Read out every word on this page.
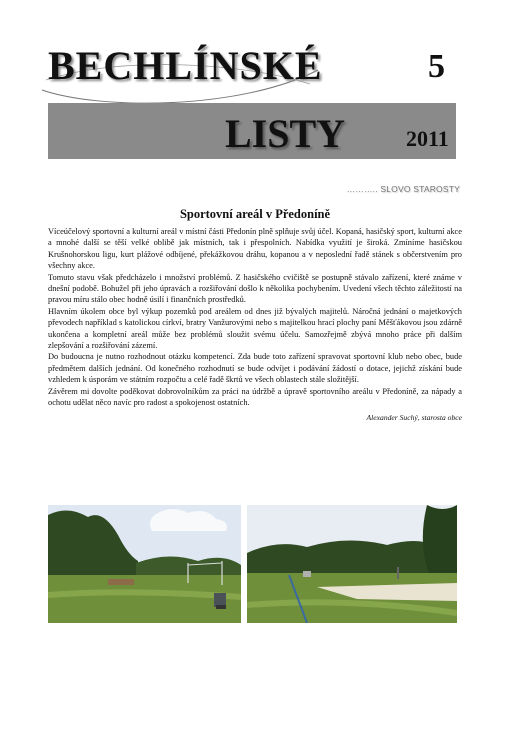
BECHLÍNSKÉ	5
LISTY	2011
……….. SLOVO STAROSTY
Sportovní areál v Předoníně

Víceúčelový sportovní a kulturní areál v místní části Předonín plně splňuje svůj účel. Kopaná, hasičský sport, kulturní akce a mnohé další se těší velké oblibě jak místních, tak i přespolních. Nabídka využití je široká. Zmíníme hasičskou Krušnohorskou ligu, kurt plážové odbíjené, překážkovou dráhu, kopanou a v neposlední řadě stánek s občerstvením pro všechny akce.

Tomuto stavu však předcházelo i množství problémů. Z hasičského cvičiště se postupně stávalo zařízení, které známe v dnešní podobě. Bohužel při jeho úpravách a rozšiřování došlo k několika pochybením. Uvedení všech těchto záležitostí na pravou míru stálo obec hodně úsilí i finančních prostředků.

Hlavním úkolem obce byl výkup pozemků pod areálem od dnes již bývalých majitelů. Náročná jednání o majetkových převodech například s katolickou církví, bratry Vanžurovými nebo s majitelkou hrací plochy paní Měšťákovou jsou zdárně ukončena a kompletní areál může bez problémů sloužit svému účelu. Samozřejmě zbývá mnoho práce při dalším zlepšování a rozšiřování zázemí.

Do budoucna je nutno rozhodnout otázku kompetencí. Zda bude toto zařízení spravovat sportovní klub nebo obec, bude předmětem dalších jednání. Od konečného rozhodnutí se bude odvíjet i podávání žádostí o dotace, jejichž získání bude vzhledem k úsporám ve státním rozpočtu a celé řadě škrtů ve všech oblastech stále složitější.

Závěrem mi dovolte poděkovat dobrovolníkům za práci na údržbě a úpravě sportovního areálu v Předoníně, za nápady a ochotu udělat něco navíc pro radost a spokojenost ostatních.

Alexander Suchý, starosta obce
